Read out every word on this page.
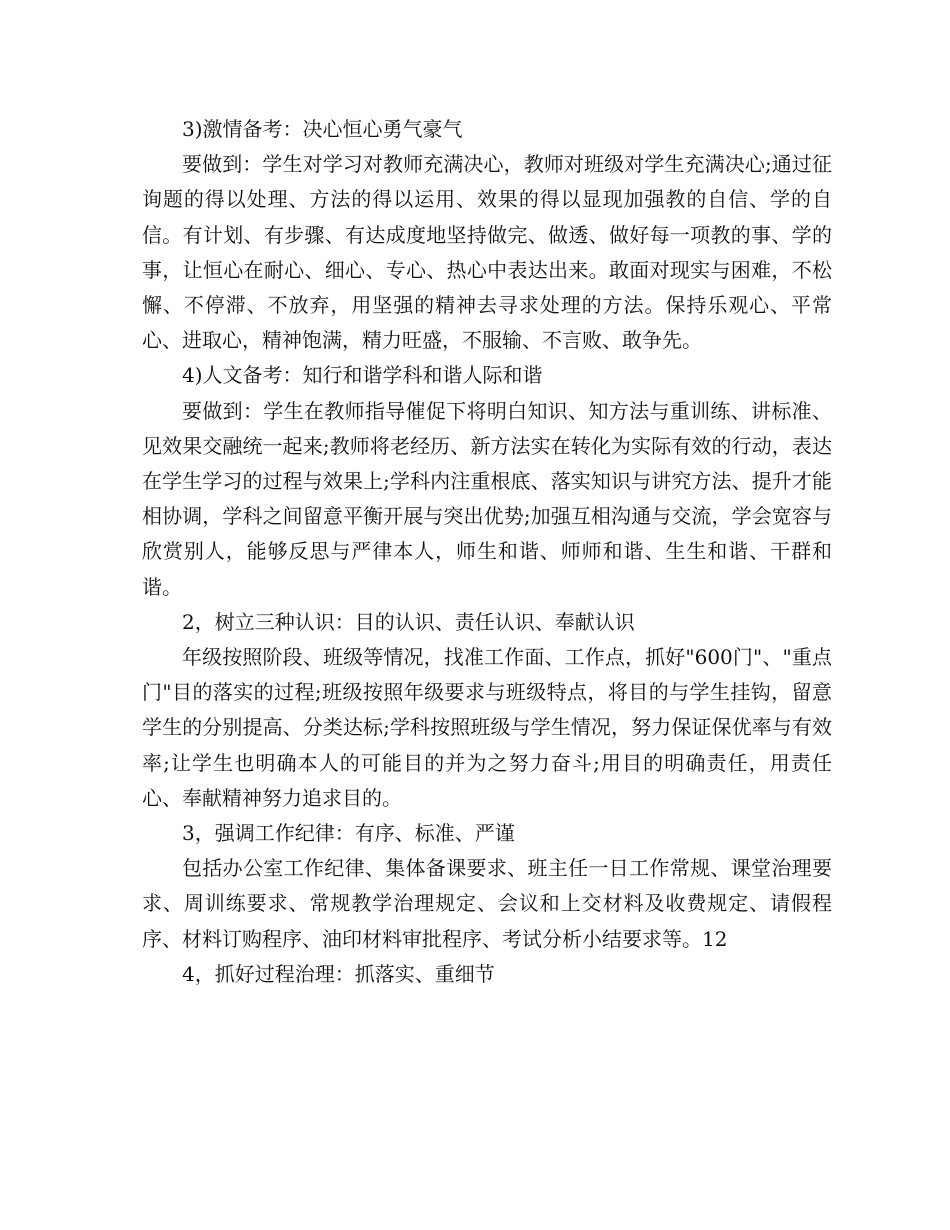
3)激情备考：决心恒心勇气豪气

要做到：学生对学习对教师充满决心，教师对班级对学生充满决心;通过征询题的得以处理、方法的得以运用、效果的得以显现加强教的自信、学的自信。有计划、有步骤、有达成度地坚持做完、做透、做好每一项教的事、学的事，让恒心在耐心、细心、专心、热心中表达出来。敢面对现实与困难，不松懈、不停滞、不放弃，用坚强的精神去寻求处理的方法。保持乐观心、平常心、进取心，精神饱满，精力旺盛，不服输、不言败、敢争先。

4)人文备考：知行和谐学科和谐人际和谐

要做到：学生在教师指导催促下将明白知识、知方法与重训练、讲标准、见效果交融统一起来;教师将老经历、新方法实在转化为实际有效的行动，表达在学生学习的过程与效果上;学科内注重根底、落实知识与讲究方法、提升才能相协调，学科之间留意平衡开展与突出优势;加强互相沟通与交流，学会宽容与欣赏别人，能够反思与严律本人，师生和谐、师师和谐、生生和谐、干群和谐。

2，树立三种认识：目的认识、责任认识、奉献认识

年级按照阶段、班级等情况，找准工作面、工作点，抓好"600门"、"重点门"目的落实的过程;班级按照年级要求与班级特点，将目的与学生挂钩，留意学生的分别提高、分类达标;学科按照班级与学生情况，努力保证保优率与有效率;让学生也明确本人的可能目的并为之努力奋斗;用目的明确责任，用责任心、奉献精神努力追求目的。

3，强调工作纪律：有序、标准、严谨

包括办公室工作纪律、集体备课要求、班主任一日工作常规、课堂治理要求、周训练要求、常规教学治理规定、会议和上交材料及收费规定、请假程序、材料订购程序、油印材料审批程序、考试分析小结要求等。12

4，抓好过程治理：抓落实、重细节
